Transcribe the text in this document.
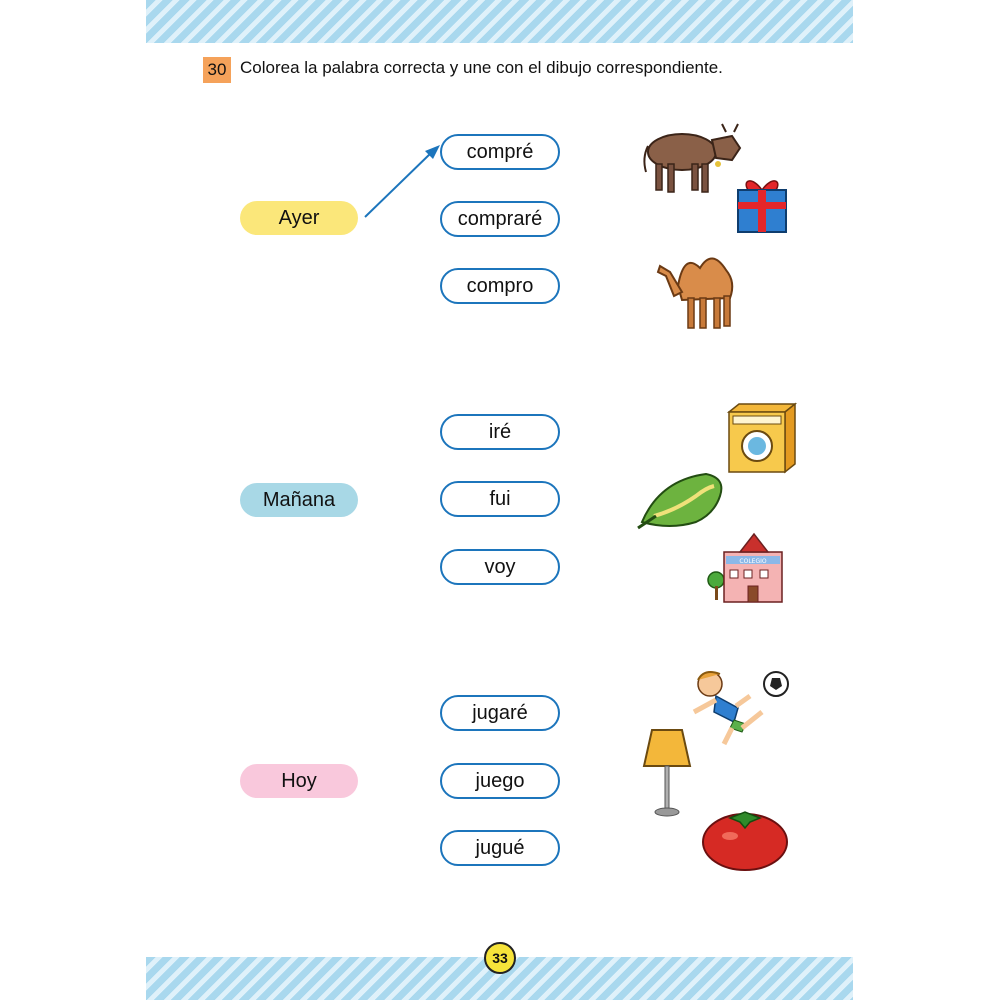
30 Colorea la palabra correcta y une con el dibujo correspondiente.
Ayer
compré
compraré
compro
Mañana
iré
fui
voy	COLEGIO
Hoy
jugaré
juego
jugué
33
